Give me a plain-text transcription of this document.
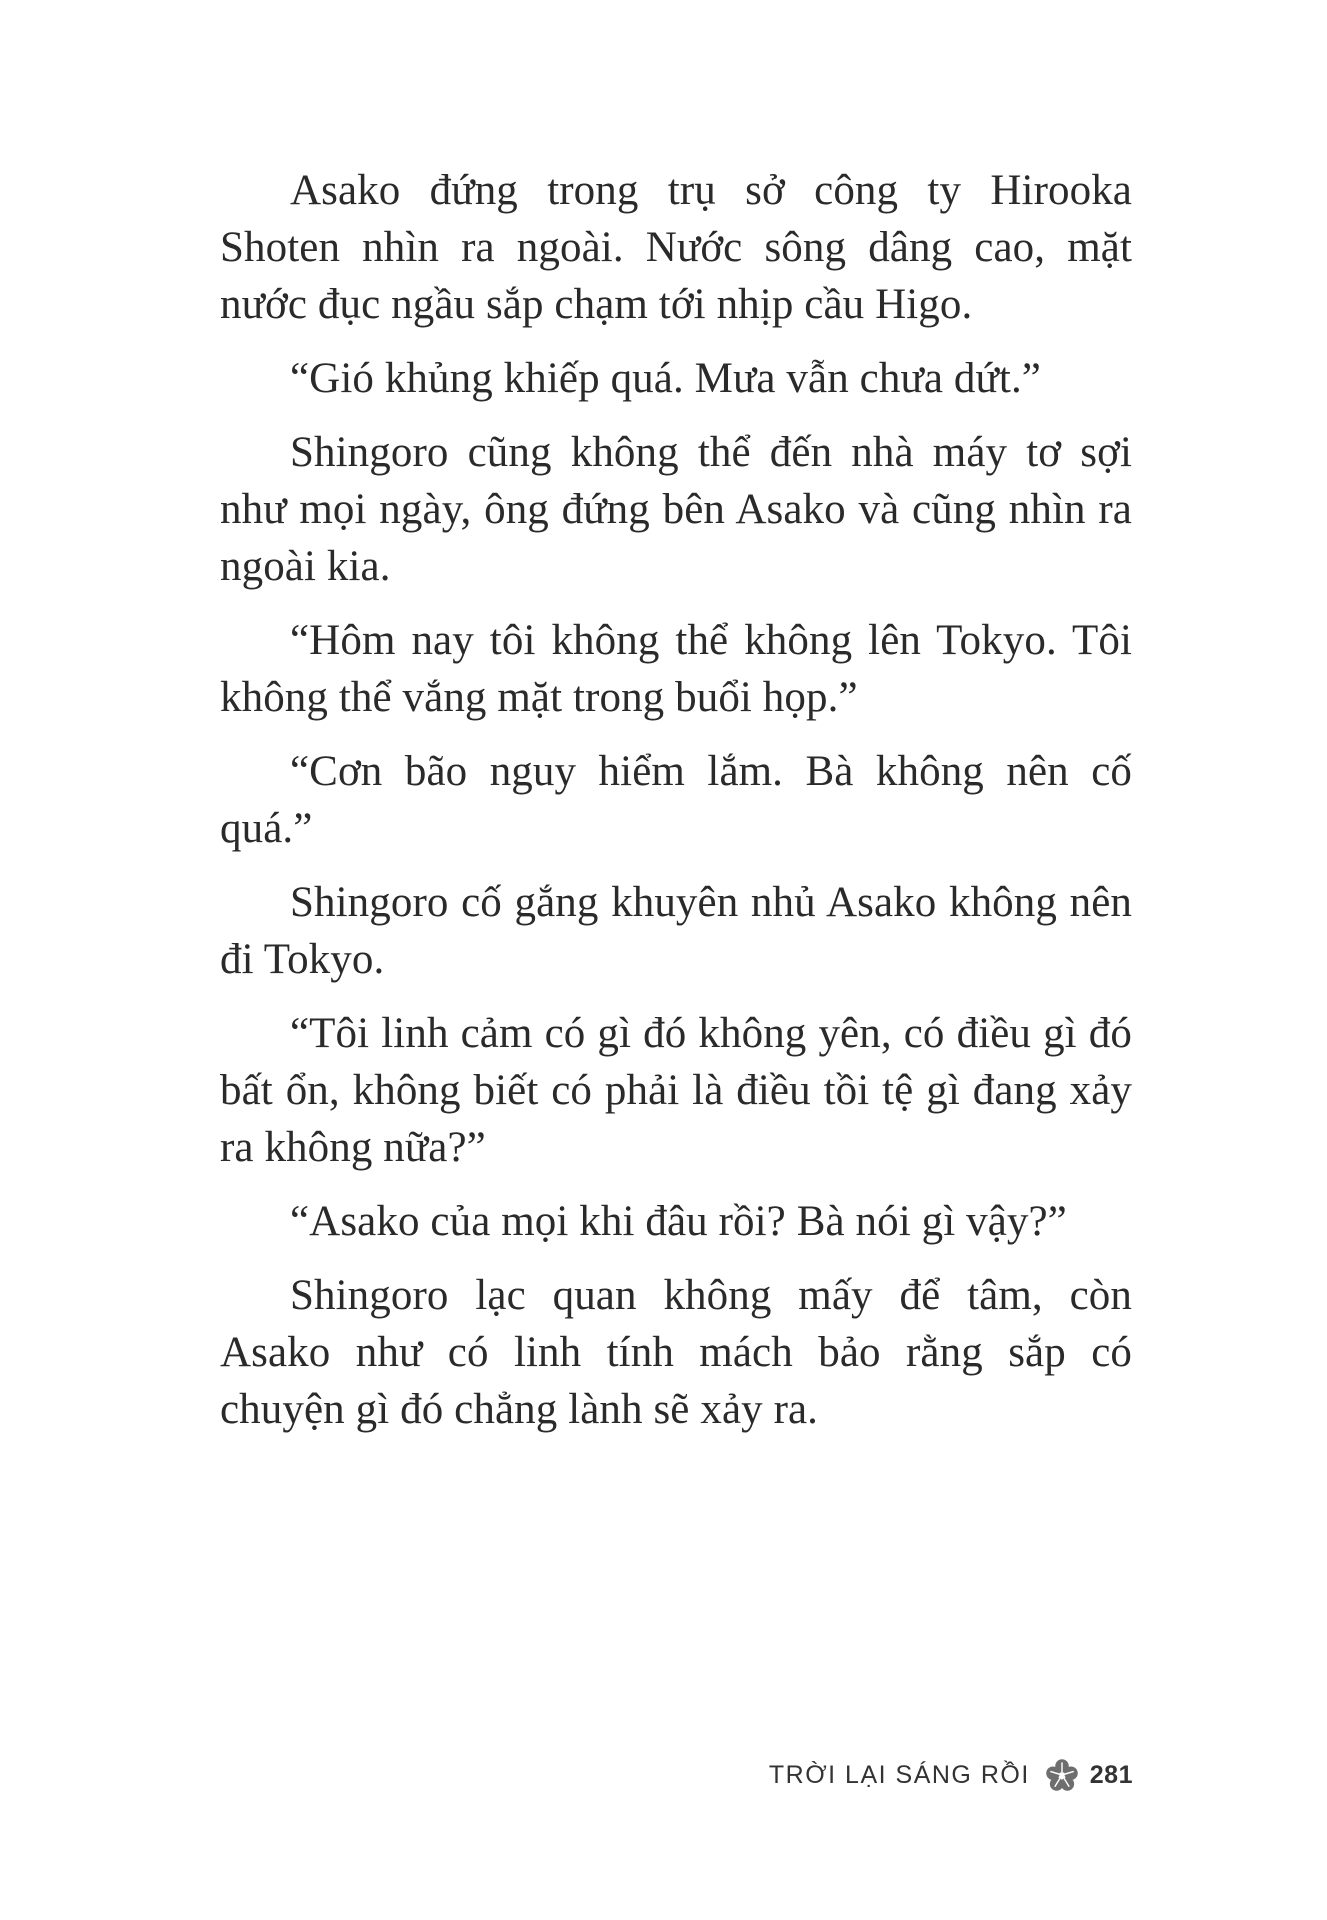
Asako đứng trong trụ sở công ty Hirooka Shoten nhìn ra ngoài. Nước sông dâng cao, mặt nước đục ngầu sắp chạm tới nhịp cầu Higo.

“Gió khủng khiếp quá. Mưa vẫn chưa dứt.”

Shingoro cũng không thể đến nhà máy tơ sợi như mọi ngày, ông đứng bên Asako và cũng nhìn ra ngoài kia.

“Hôm nay tôi không thể không lên Tokyo. Tôi không thể vắng mặt trong buổi họp.”

“Cơn bão nguy hiểm lắm. Bà không nên cố quá.”

Shingoro cố gắng khuyên nhủ Asako không nên đi Tokyo.

“Tôi linh cảm có gì đó không yên, có điều gì đó bất ổn, không biết có phải là điều tồi tệ gì đang xảy ra không nữa?”

“Asako của mọi khi đâu rồi? Bà nói gì vậy?”

Shingoro lạc quan không mấy để tâm, còn Asako như có linh tính mách bảo rằng sắp có chuyện gì đó chẳng lành sẽ xảy ra.

TRỜI LẠI SÁNG RỒI 281
